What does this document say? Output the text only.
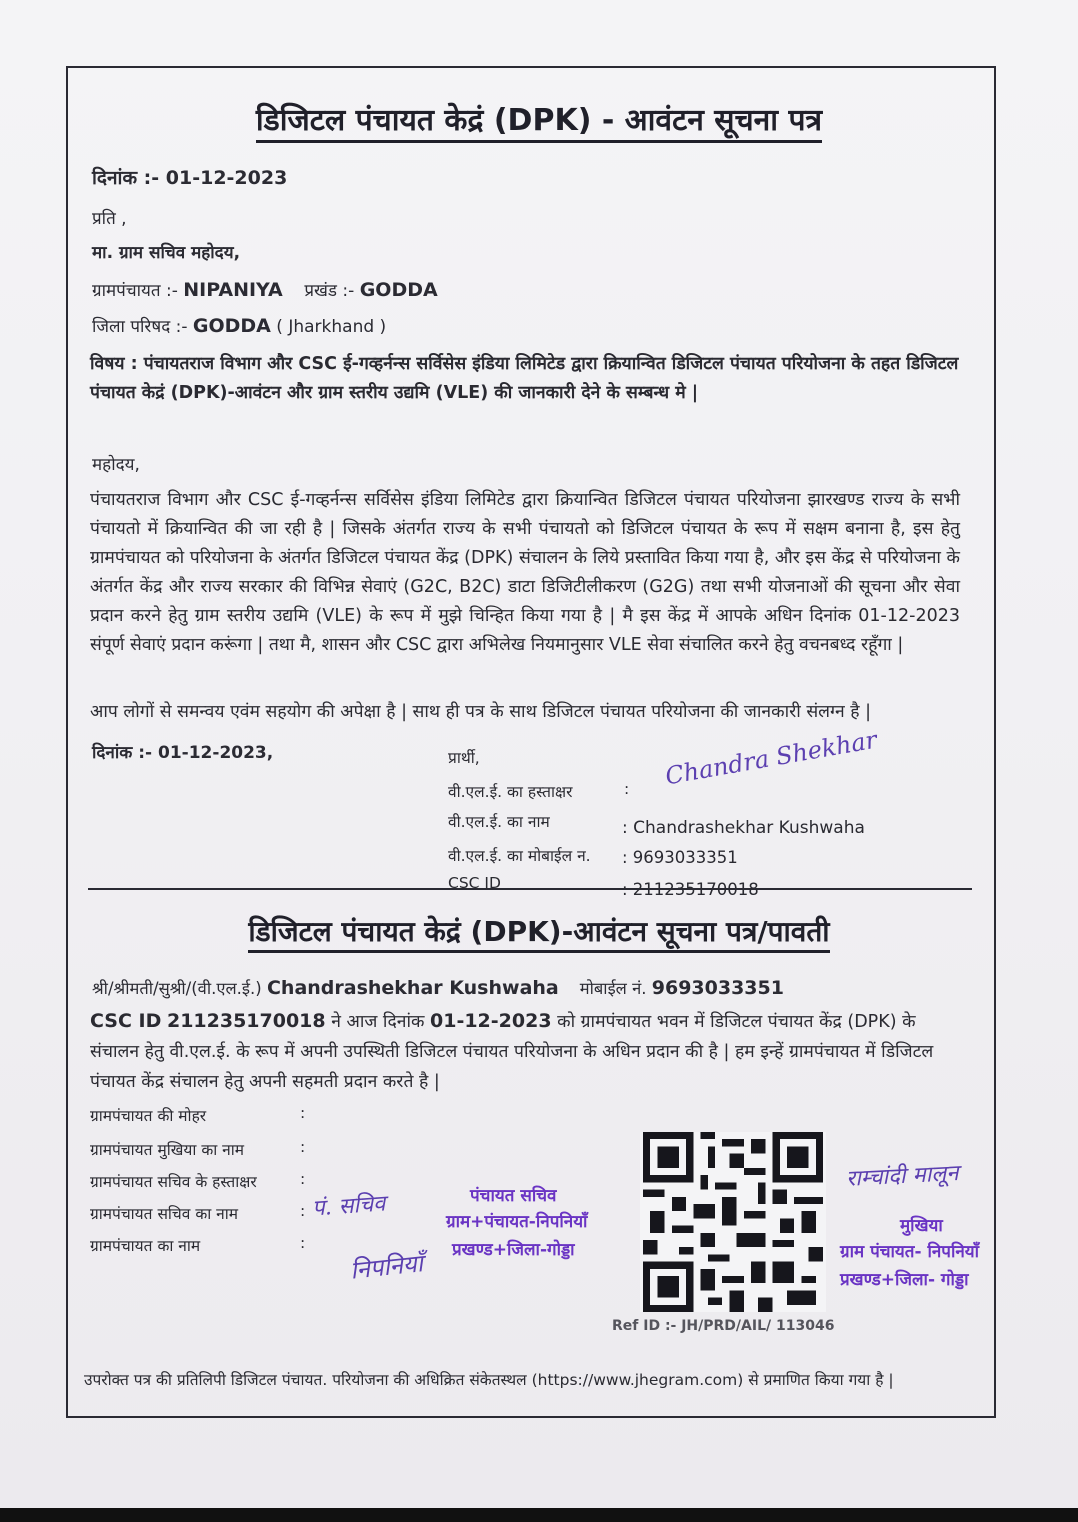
डिजिटल पंचायत केद्रं (DPK) - आवंटन सूचना पत्र
दिनांक :- 01-12-2023
प्रति ,
मा. ग्राम सचिव महोदय,
ग्रामपंचायत :- NIPANIYA प्रखंड :- GODDA
जिला परिषद :- GODDA ( Jharkhand )
विषय : पंचायतराज विभाग और CSC ई-गव्हर्नन्स सर्विसेस इंडिया लिमिटेड द्वारा क्रियान्वित डिजिटल पंचायत परियोजना के तहत डिजिटल पंचायत केद्रं (DPK)-आवंटन और ग्राम स्तरीय उद्यमि (VLE) की जानकारी देने के सम्बन्ध मे |
महोदय,
पंचायतराज विभाग और CSC ई-गव्हर्नन्स सर्विसेस इंडिया लिमिटेड द्वारा क्रियान्वित डिजिटल पंचायत परियोजना झारखण्ड राज्य के सभी पंचायतो में क्रियान्वित की जा रही है | जिसके अंतर्गत राज्य के सभी पंचायतो को डिजिटल पंचायत के रूप में सक्षम बनाना है, इस हेतु ग्रामपंचायत को परियोजना के अंतर्गत डिजिटल पंचायत केंद्र (DPK) संचालन के लिये प्रस्तावित किया गया है, और इस केंद्र से परियोजना के अंतर्गत केंद्र और राज्य सरकार की विभिन्न सेवाएं (G2C, B2C) डाटा डिजिटीलीकरण (G2G) तथा सभी योजनाओं की सूचना और सेवा प्रदान करने हेतु ग्राम स्तरीय उद्यमि (VLE) के रूप में मुझे चिन्हित किया गया है | मै इस केंद्र में आपके अधिन दिनांक 01-12-2023 संपूर्ण सेवाएं प्रदान करूंगा | तथा मै, शासन और CSC द्वारा अभिलेख नियमानुसार VLE सेवा संचालित करने हेतु वचनबध्द रहूँगा |
आप लोगों से समन्वय एवंम सहयोग की अपेक्षा है | साथ ही पत्र के साथ डिजिटल पंचायत परियोजना की जानकारी संलग्न है |
दिनांक :- 01-12-2023,	प्रार्थी,
वी.एल.ई. का हस्ताक्षर	: Chandra Shekhar
वी.एल.ई. का नाम	: Chandrashekhar Kushwaha
वी.एल.ई. का मोबाईल न. : 9693033351
CSC ID	: 211235170018
डिजिटल पंचायत केद्रं (DPK)-आवंटन सूचना पत्र/पावती
श्री/श्रीमती/सुश्री/(वी.एल.ई.) Chandrashekhar Kushwaha मोबाईल नं. 9693033351
CSC ID 211235170018 ने आज दिनांक 01-12-2023 को ग्रामपंचायत भवन में डिजिटल पंचायत केंद्र (DPK) के संचालन हेतु वी.एल.ई. के रूप में अपनी उपस्थिती डिजिटल पंचायत परियोजना के अधिन प्रदान की है | हम इन्हें ग्रामपंचायत में डिजिटल पंचायत केंद्र संचालन हेतु अपनी सहमती प्रदान करते है |
ग्रामपंचायत की मोहर	:
ग्रामपंचायत मुखिया का नाम	:
ग्रामपंचायत सचिव के हस्ताक्षर	:
ग्रामपंचायत सचिव का नाम	:
ग्रामपंचायत का नाम	:
पं. सचिव
निपनियाँ
पंचायत सचिव
ग्राम+पंचायत-निपनियाँ
प्रखण्ड+जिला-गोड्डा
Ref ID :- JH/PRD/AIL/ 113046
राम्चांदी मालून
मुखिया
ग्राम पंचायत- निपनियाँ
प्रखण्ड+जिला- गोड्डा
उपरोक्त पत्र की प्रतिलिपी डिजिटल पंचायत. परियोजना की अधिक्रित संकेतस्थल (https://www.jhegram.com) से प्रमाणित किया गया है |
